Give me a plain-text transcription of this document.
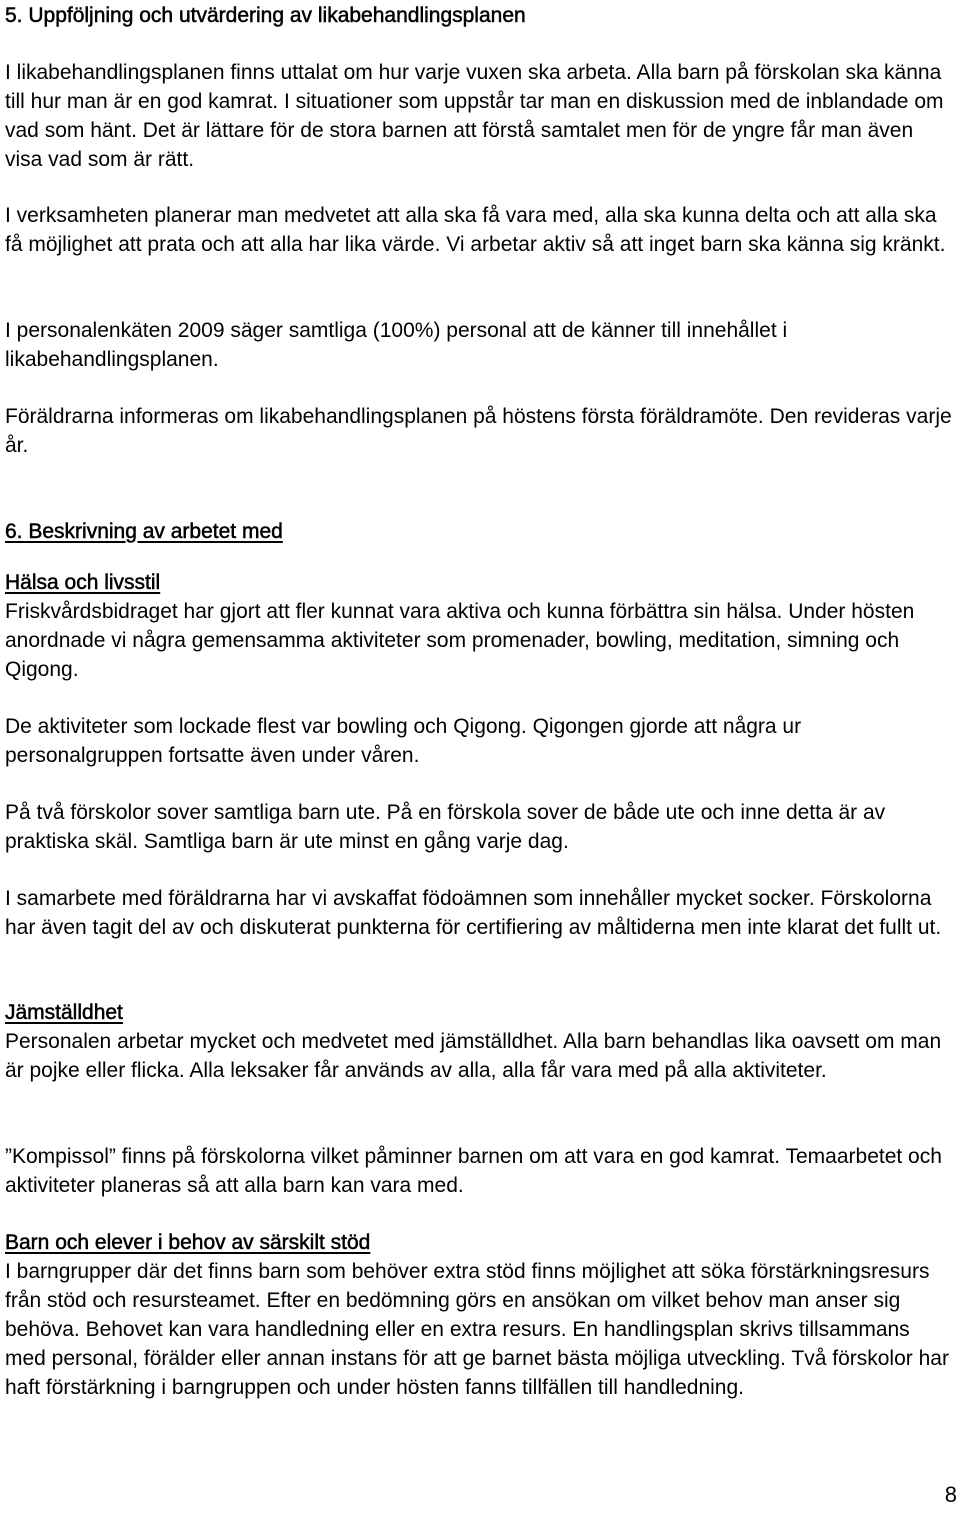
5. Uppföljning och utvärdering av likabehandlingsplanen

I likabehandlingsplanen finns uttalat om hur varje vuxen ska arbeta. Alla barn på förskolan ska känna till hur man är en god kamrat. I situationer som uppstår tar man en diskussion med de inblandade om vad som hänt. Det är lättare för de stora barnen att förstå samtalet men för de yngre får man även visa vad som är rätt.

I verksamheten planerar man medvetet att alla ska få vara med, alla ska kunna delta och att alla ska få möjlighet att prata och att alla har lika värde. Vi arbetar aktiv så att inget barn ska känna sig kränkt.

I personalenkäten 2009 säger samtliga (100%) personal att de känner till innehållet i likabehandlingsplanen.

Föräldrarna informeras om likabehandlingsplanen på höstens första föräldramöte. Den revideras varje år.

6. Beskrivning av arbetet med
Hälsa och livsstil

Friskvårdsbidraget har gjort att fler kunnat vara aktiva och kunna förbättra sin hälsa. Under hösten anordnade vi några gemensamma aktiviteter som promenader, bowling, meditation, simning och Qigong.

De aktiviteter som lockade flest var bowling och Qigong. Qigongen gjorde att några ur personalgruppen fortsatte även under våren.

På två förskolor sover samtliga barn ute. På en förskola sover de både ute och inne detta är av praktiska skäl. Samtliga barn är ute minst en gång varje dag.

I samarbete med föräldrarna har vi avskaffat födoämnen som innehåller mycket socker. Förskolorna har även tagit del av och diskuterat punkterna för certifiering av måltiderna men inte klarat det fullt ut.

Jämställdhet

Personalen arbetar mycket och medvetet med jämställdhet. Alla barn behandlas lika oavsett om man är pojke eller flicka. Alla leksaker får används av alla, alla får vara med på alla aktiviteter.

”Kompissol” finns på förskolorna vilket påminner barnen om att vara en god kamrat. Temaarbetet och aktiviteter planeras så att alla barn kan vara med.

Barn och elever i behov av särskilt stöd

I barngrupper där det finns barn som behöver extra stöd finns möjlighet att söka förstärkningsresurs från stöd och resursteamet. Efter en bedömning görs en ansökan om vilket behov man anser sig behöva. Behovet kan vara handledning eller en extra resurs. En handlingsplan skrivs tillsammans med personal, förälder eller annan instans för att ge barnet bästa möjliga utveckling. Två förskolor har haft förstärkning i barngruppen och under hösten fanns tillfällen till handledning.

8
